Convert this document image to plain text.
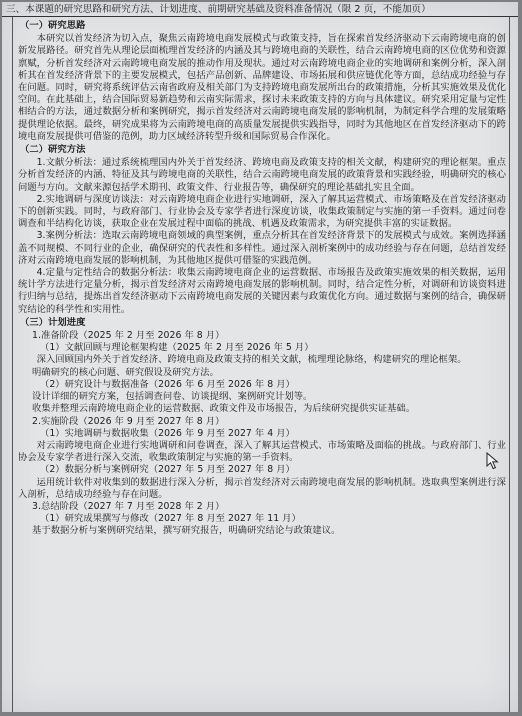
三、本课题的研究思路和研究方法、计划进度、前期研究基础及资料准备情况（限 2 页，不能加页）
（一）研究思路

本研究以首发经济为切入点，聚焦云南跨境电商发展模式与政策支持，旨在探索首发经济驱动下云南跨境电商的创新发展路径。研究首先从理论层面梳理首发经济的内涵及其与跨境电商的关联性，结合云南跨境电商的区位优势和资源禀赋，分析首发经济对云南跨境电商发展的推动作用及现状。通过对云南跨境电商企业的实地调研和案例分析，深入剖析其在首发经济背景下的主要发展模式，包括产品创新、品牌建设、市场拓展和供应链优化等方面，总结成功经验与存在问题。同时，研究将系统评估云南省政府及相关部门为支持跨境电商发展所出台的政策措施，分析其实施效果及优化空间。在此基础上，结合国际贸易新趋势和云南实际需求，探讨未来政策支持的方向与具体建议。研究采用定量与定性相结合的方法，通过数据分析和案例研究，揭示首发经济对云南跨境电商发展的影响机制，为制定科学合理的发展策略提供理论依据。最终，研究成果将为云南跨境电商的高质量发展提供实践指导，同时为其他地区在首发经济驱动下的跨境电商发展提供可借鉴的范例，助力区域经济转型升级和国际贸易合作深化。

（二）研究方法

1.文献分析法：通过系统梳理国内外关于首发经济、跨境电商及政策支持的相关文献，构建研究的理论框架。重点分析首发经济的内涵、特征及其与跨境电商的关联性，结合云南跨境电商发展的政策背景和实践经验，明确研究的核心问题与方向。文献来源包括学术期刊、政策文件、行业报告等，确保研究的理论基础扎实且全面。

2.实地调研与深度访谈法：对云南跨境电商企业进行实地调研，深入了解其运营模式、市场策略及在首发经济驱动下的创新实践。同时，与政府部门、行业协会及专家学者进行深度访谈，收集政策制定与实施的第一手资料。通过问卷调查和半结构化访谈，获取企业在发展过程中面临的挑战、机遇及政策需求，为研究提供丰富的实证数据。

3.案例分析法：选取云南跨境电商领域的典型案例，重点分析其在首发经济背景下的发展模式与成效。案例选择涵盖不同规模、不同行业的企业，确保研究的代表性和多样性。通过深入剖析案例中的成功经验与存在问题，总结首发经济对云南跨境电商发展的影响机制，为其他地区提供可借鉴的实践范例。

4.定量与定性结合的数据分析法：收集云南跨境电商企业的运营数据、市场报告及政策实施效果的相关数据，运用统计学方法进行定量分析，揭示首发经济对云南跨境电商发展的影响机制。同时，结合定性分析，对调研和访谈资料进行归纳与总结，提炼出首发经济驱动下云南跨境电商发展的关键因素与政策优化方向。通过数据与案例的结合，确保研究结论的科学性和实用性。

（三）计划进度

1.准备阶段（2025 年 2 月至 2026 年 8 月）

（1）文献回顾与理论框架构建（2025 年 2 月至 2026 年 5 月）

深入回顾国内外关于首发经济、跨境电商及政策支持的相关文献，梳理理论脉络，构建研究的理论框架。

明确研究的核心问题、研究假设及研究方法。

（2）研究设计与数据准备（2026 年 6 月至 2026 年 8 月）

设计详细的研究方案，包括调查问卷、访谈提纲、案例研究计划等。

收集并整理云南跨境电商企业的运营数据、政策文件及市场报告，为后续研究提供实证基础。

2.实施阶段（2026 年 9 月至 2027 年 8 月）

（1）实地调研与数据收集（2026 年 9 月至 2027 年 4 月）

对云南跨境电商企业进行实地调研和问卷调查，深入了解其运营模式、市场策略及面临的挑战。与政府部门、行业协会及专家学者进行深入交流，收集政策制定与实施的第一手资料。

（2）数据分析与案例研究（2027 年 5 月至 2027 年 8 月）

运用统计软件对收集到的数据进行深入分析，揭示首发经济对云南跨境电商发展的影响机制。选取典型案例进行深入剖析，总结成功经验与存在问题。

3.总结阶段（2027 年 7 月至 2028 年 2 月）

（1）研究成果撰写与修改（2027 年 8 月至 2027 年 11 月）

基于数据分析与案例研究结果，撰写研究报告，明确研究结论与政策建议。
